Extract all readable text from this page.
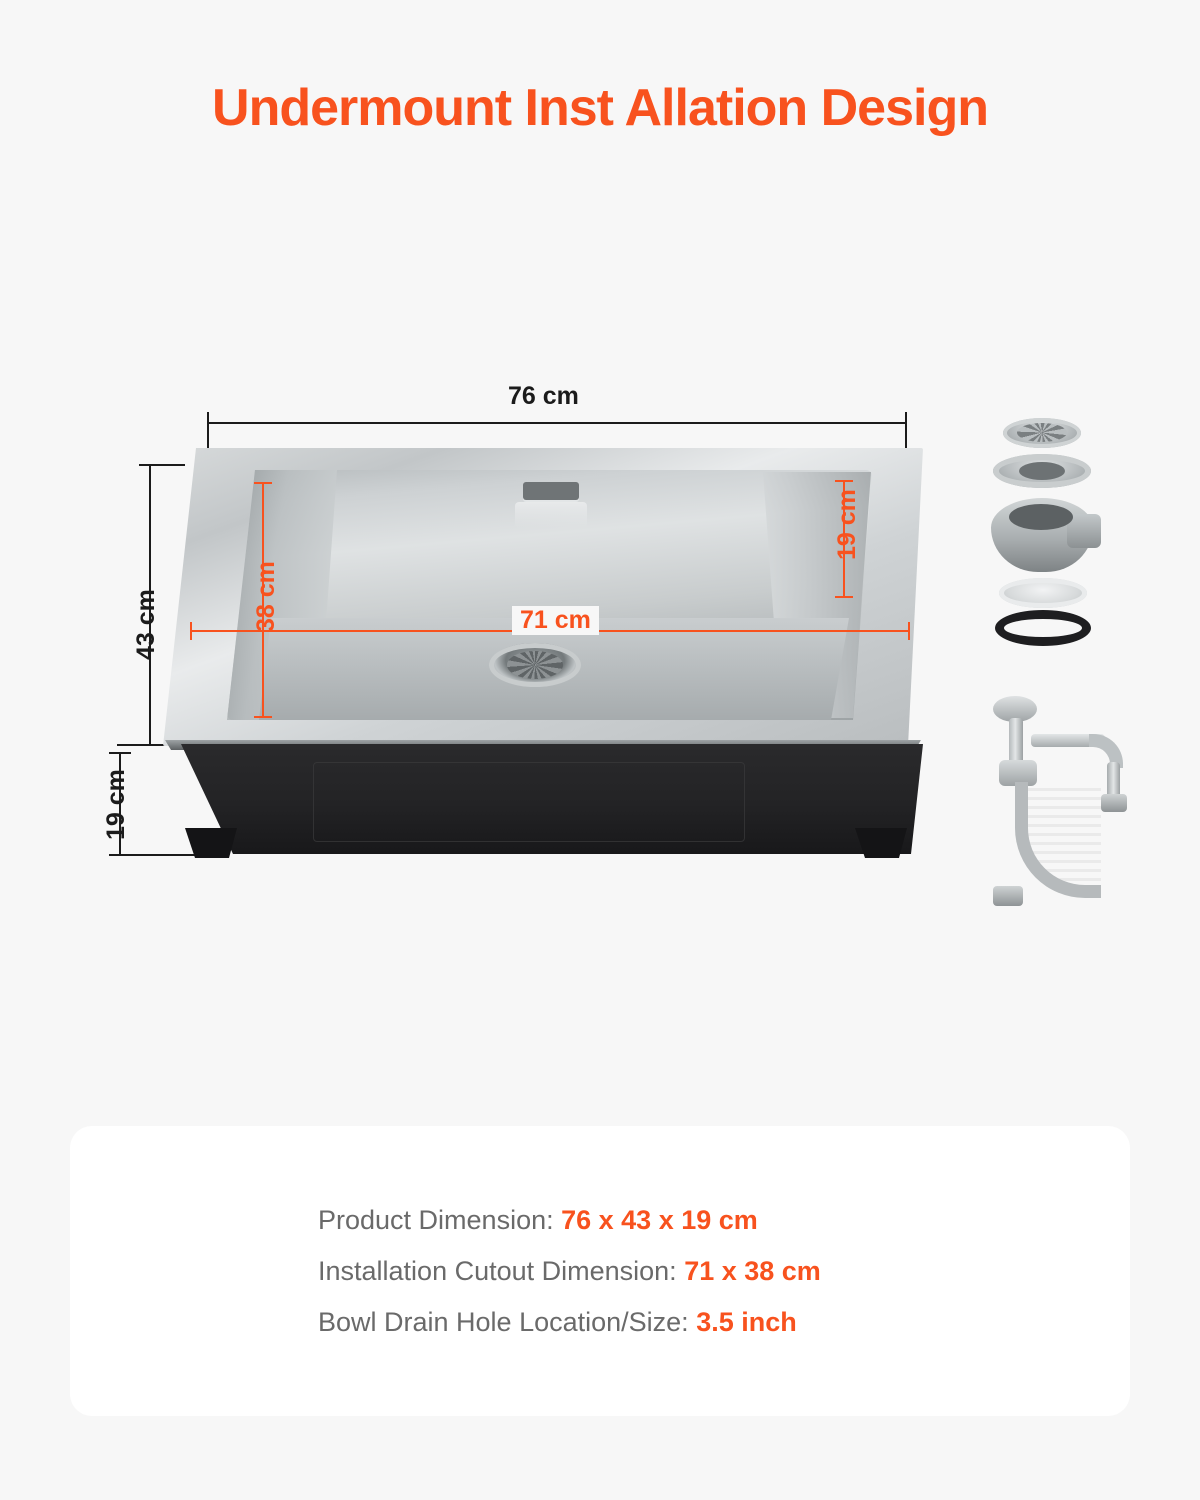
Undermount Inst Allation Design
76 cm
43 cm
19 cm
71 cm
38 cm
19 cm
Product Dimension: 76 x 43 x 19 cm
Installation Cutout Dimension: 71 x 38 cm
Bowl Drain Hole Location/Size: 3.5 inch
